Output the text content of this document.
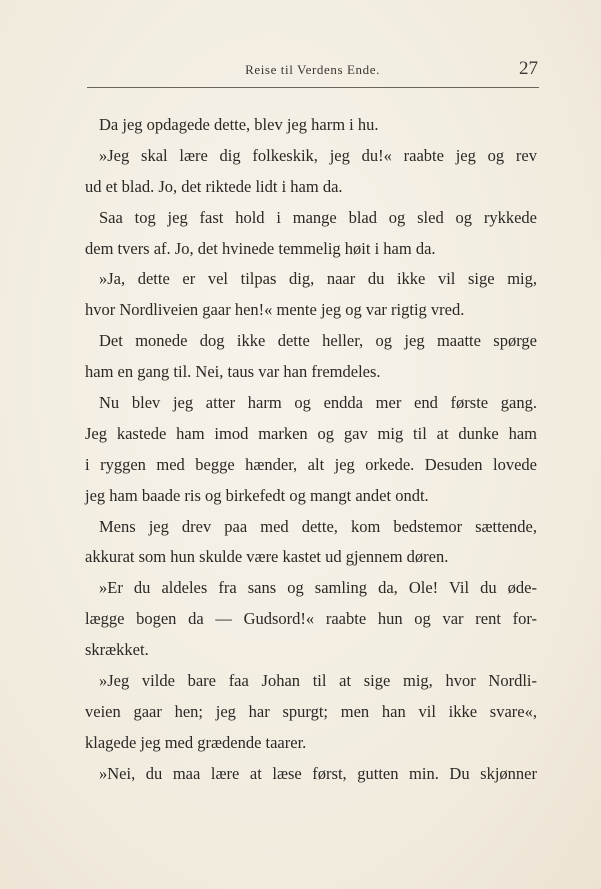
Reise til Verdens Ende.	27
Da jeg opdagede dette, blev jeg harm i hu.
»Jeg skal lære dig folkeskik, jeg du!« raabte jeg og rev
ud et blad. Jo, det riktede lidt i ham da.
Saa tog jeg fast hold i mange blad og sled og rykkede
dem tvers af. Jo, det hvinede temmelig høit i ham da.
»Ja, dette er vel tilpas dig, naar du ikke vil sige mig,
hvor Nordliveien gaar hen!« mente jeg og var rigtig vred.
Det monede dog ikke dette heller, og jeg maatte spørge
ham en gang til. Nei, taus var han fremdeles.
Nu blev jeg atter harm og endda mer end første gang.
Jeg kastede ham imod marken og gav mig til at dunke ham
i ryggen med begge hænder, alt jeg orkede. Desuden lovede
jeg ham baade ris og birkefedt og mangt andet ondt.
Mens jeg drev paa med dette, kom bedstemor sættende,
akkurat som hun skulde være kastet ud gjennem døren.
»Er du aldeles fra sans og samling da, Ole! Vil du øde-
lægge bogen da — Gudsord!« raabte hun og var rent for-
skrækket.
»Jeg vilde bare faa Johan til at sige mig, hvor Nordli-
veien gaar hen; jeg har spurgt; men han vil ikke svare«,
klagede jeg med grædende taarer.
»Nei, du maa lære at læse først, gutten min. Du skjønner
